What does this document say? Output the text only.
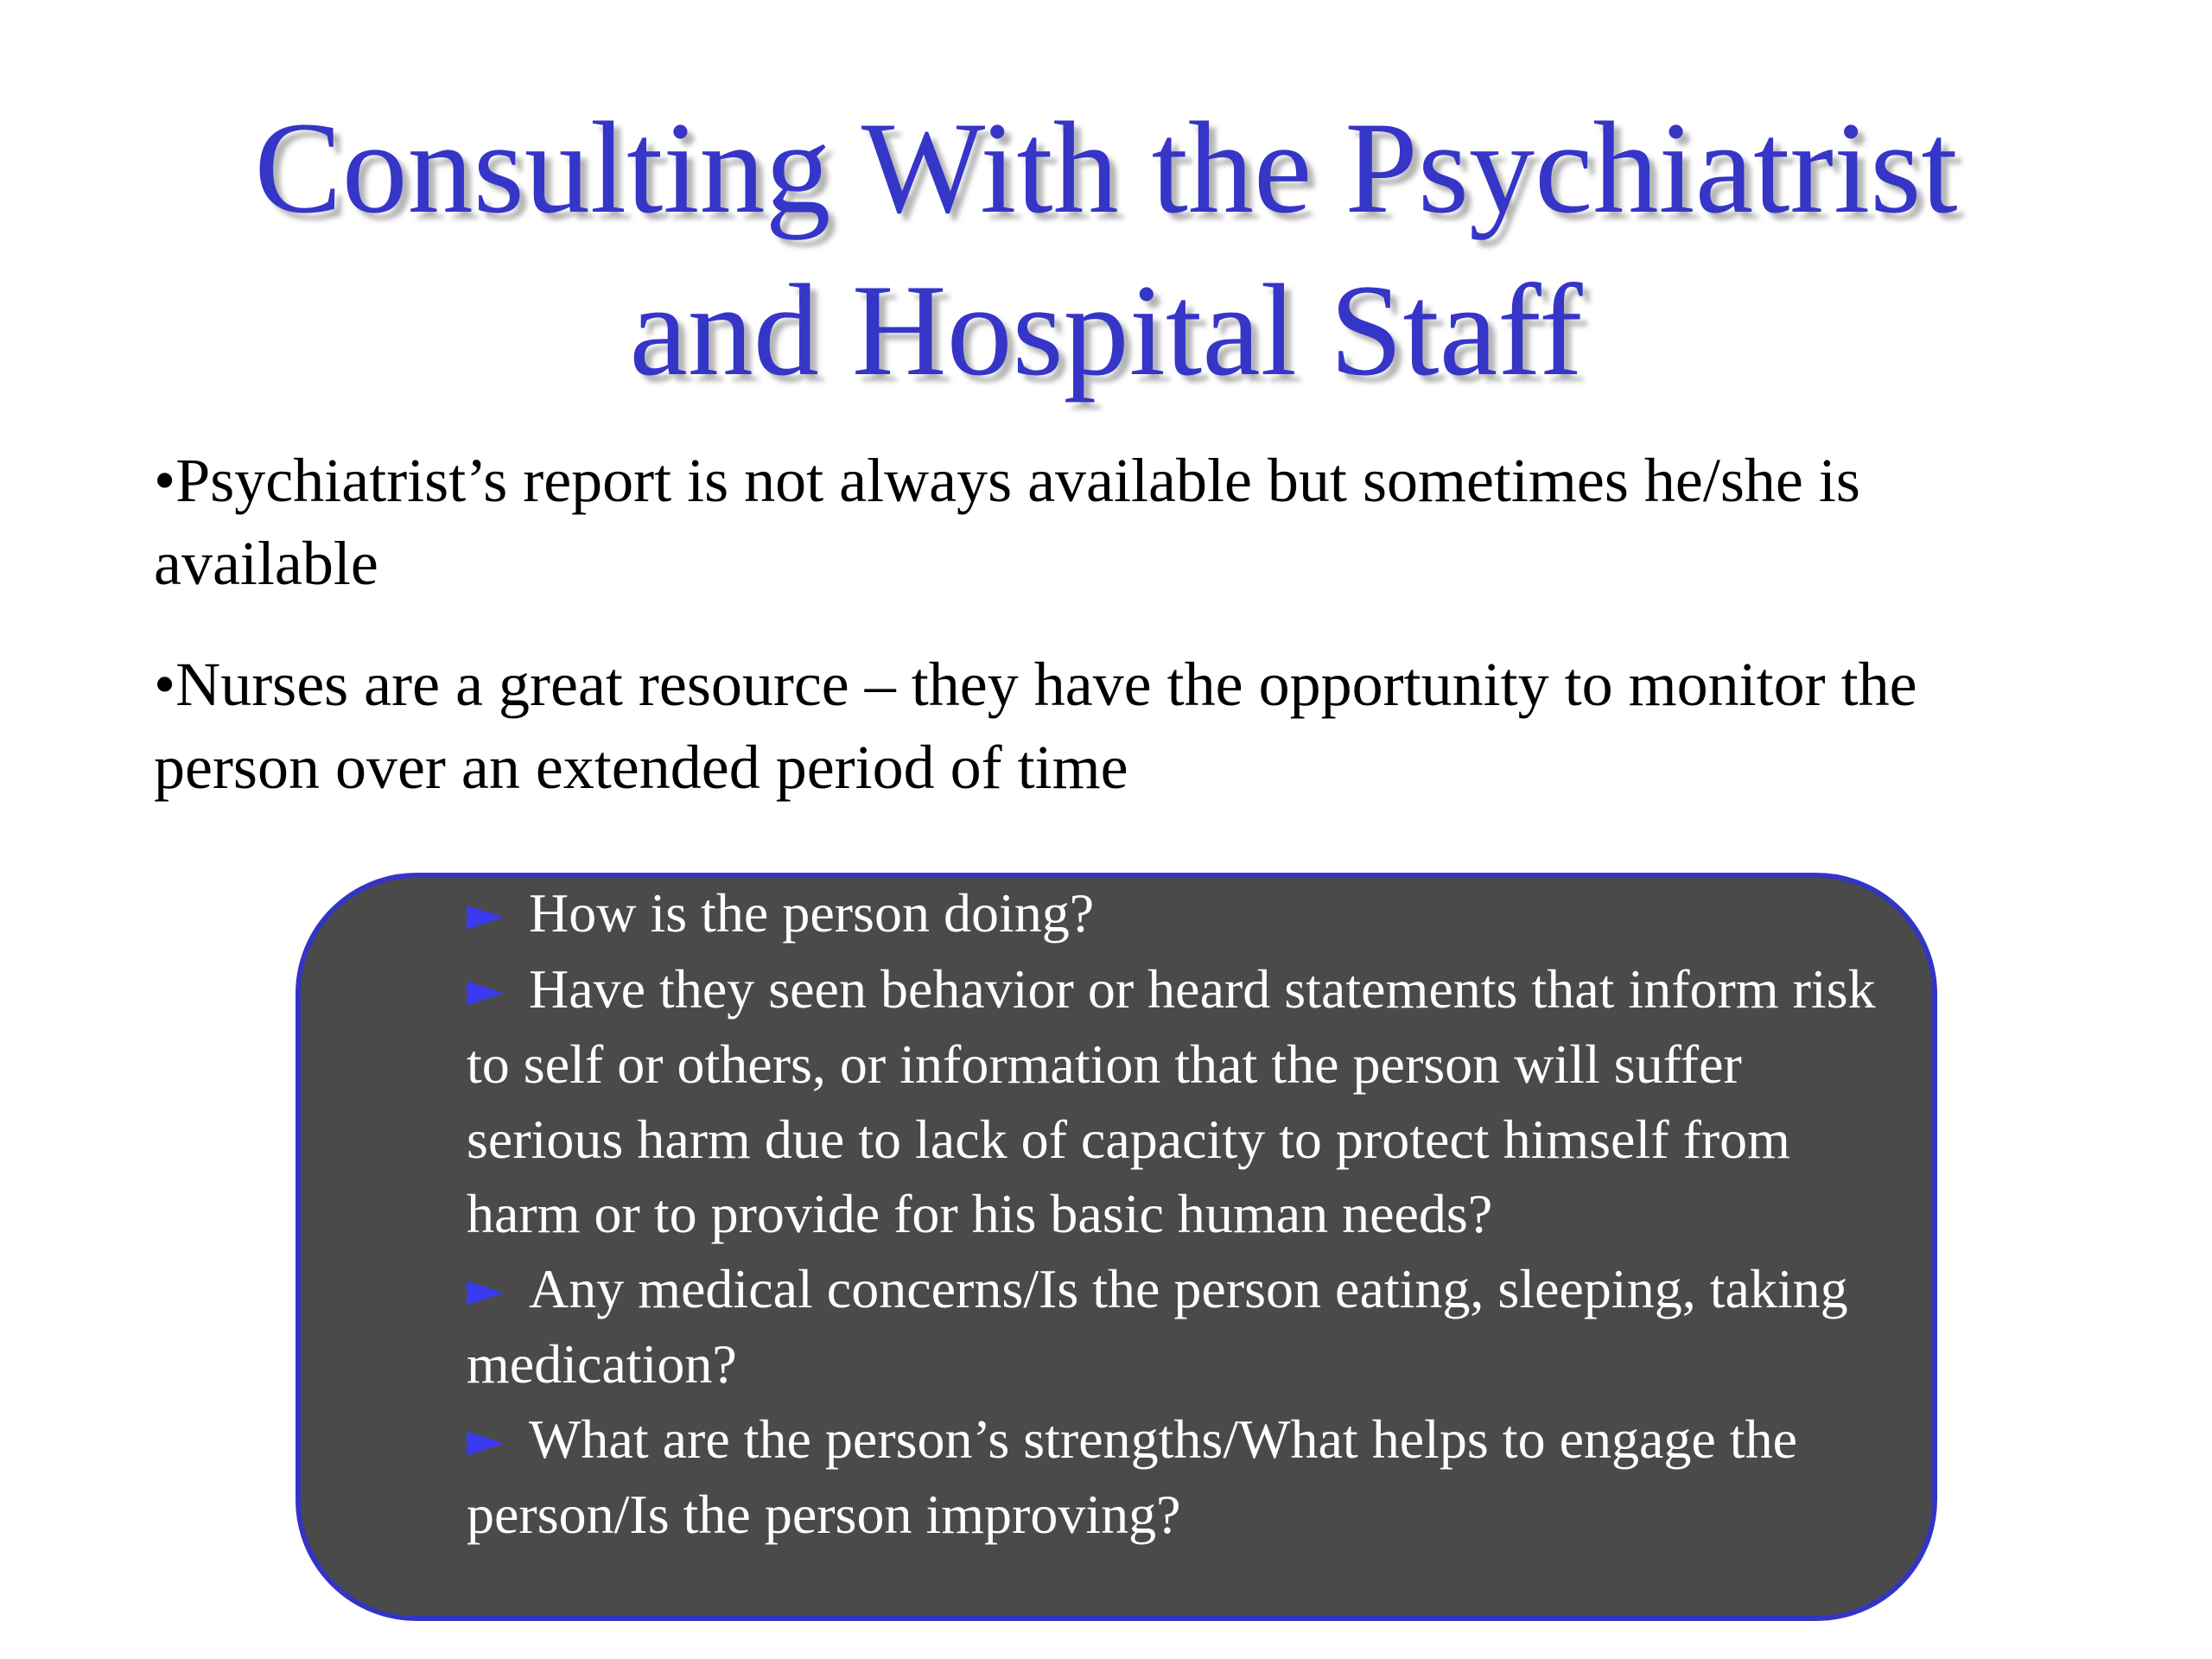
Consulting With the Psychiatrist
and Hospital Staff

•Psychiatrist’s report is not always available but sometimes he/she is available

•Nurses are a great resource – they have the opportunity to monitor the person over an extended period of time

► How is the person doing?

► Have they seen behavior or heard statements that inform risk to self or others, or information that the person will suffer serious harm due to lack of capacity to protect himself from harm or to provide for his basic human needs?

► Any medical concerns/Is the person eating, sleeping, taking medication?

► What are the person’s strengths/What helps to engage the person/Is the person improving?
